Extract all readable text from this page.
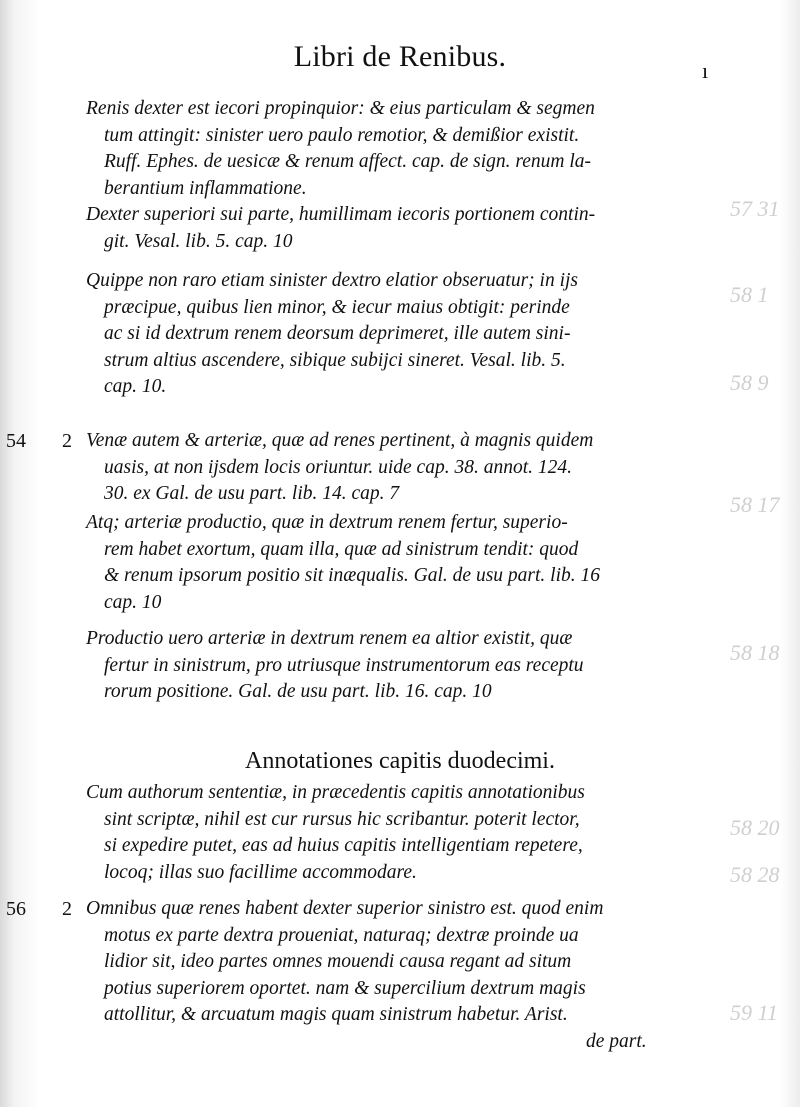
57 31
58 1
58 9
58 17
58 18
58 20
58 28
59 11
Libri de Renibus.	ı
Renis dexter est iecori propinquior: & eius particulam & segmen
tum attingit: sinister uero paulo remotior, & demißior existit.
Ruff. Ephes. de uesicæ & renum affect. cap. de sign. renum la-
berantium inflammatione.
Dexter superiori sui parte, humillimam iecoris portionem contin-
git. Vesal. lib. 5. cap. 10
Quippe non raro etiam sinister dextro elatior obseruatur; in ijs
præcipue, quibus lien minor, & iecur maius obtigit: perinde
ac si id dextrum renem deorsum deprimeret, ille autem sini-
strum altius ascendere, sibique subijci sineret. Vesal. lib. 5.
cap. 10.
54 2 Venæ autem & arteriæ, quæ ad renes pertinent, à magnis quidem
uasis, at non ijsdem locis oriuntur. uide cap. 38. annot. 124.
30. ex Gal. de usu part. lib. 14. cap. 7
Atq; arteriæ productio, quæ in dextrum renem fertur, superio-
rem habet exortum, quam illa, quæ ad sinistrum tendit: quod
& renum ipsorum positio sit inæqualis. Gal. de usu part. lib. 16
cap. 10
Productio uero arteriæ in dextrum renem ea altior existit, quæ
fertur in sinistrum, pro utriusque instrumentorum eas receptu
rorum positione. Gal. de usu part. lib. 16. cap. 10
Annotationes capitis duodecimi.
Cum authorum sententiæ, in præcedentis capitis annotationibus
sint scriptæ, nihil est cur rursus hic scribantur. poterit lector,
si expedire putet, eas ad huius capitis intelligentiam repetere,
locoq; illas suo facillime accommodare.
56 2 Omnibus quæ renes habent dexter superior sinistro est. quod enim
motus ex parte dextra proueniat, naturaq; dextræ proinde ua
lidior sit, ideo partes omnes mouendi causa regant ad situm
potius superiorem oportet. nam & supercilium dextrum magis
attollitur, & arcuatum magis quam sinistrum habetur. Arist.
de part.
